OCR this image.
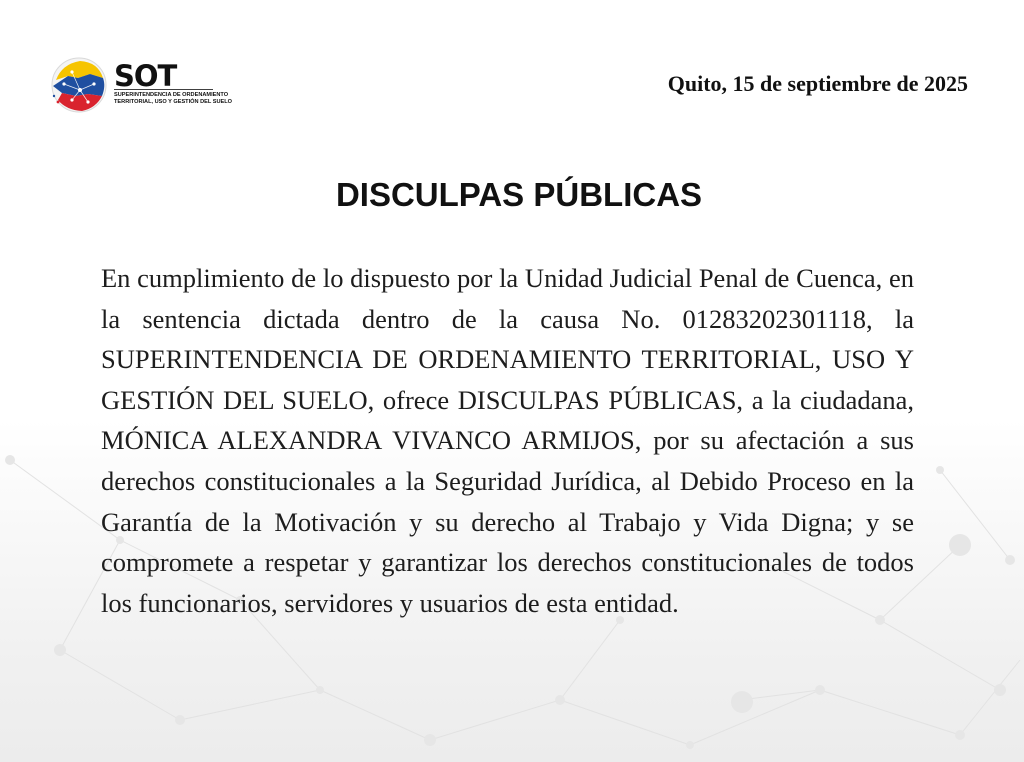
SOT
SUPERINTENDENCIA DE ORDENAMIENTO
TERRITORIAL, USO Y GESTIÓN DEL SUELO
Quito, 15 de septiembre de 2025
DISCULPAS PÚBLICAS

En cumplimiento de lo dispuesto por la Unidad Judicial Penal de Cuenca, en la sentencia dictada dentro de la causa No. 01283202301118, la SUPERINTENDENCIA DE ORDENAMIENTO TERRITORIAL, USO Y GESTIÓN DEL SUELO, ofrece DISCULPAS PÚBLICAS, a la ciudadana, MÓNICA ALEXANDRA VIVANCO ARMIJOS, por su afectación a sus derechos constitucionales a la Seguridad Jurídica, al Debido Proceso en la Garantía de la Motivación y su derecho al Trabajo y Vida Digna; y se compromete a respetar y garantizar los derechos constitucionales de todos los funcionarios, servidores y usuarios de esta entidad.
